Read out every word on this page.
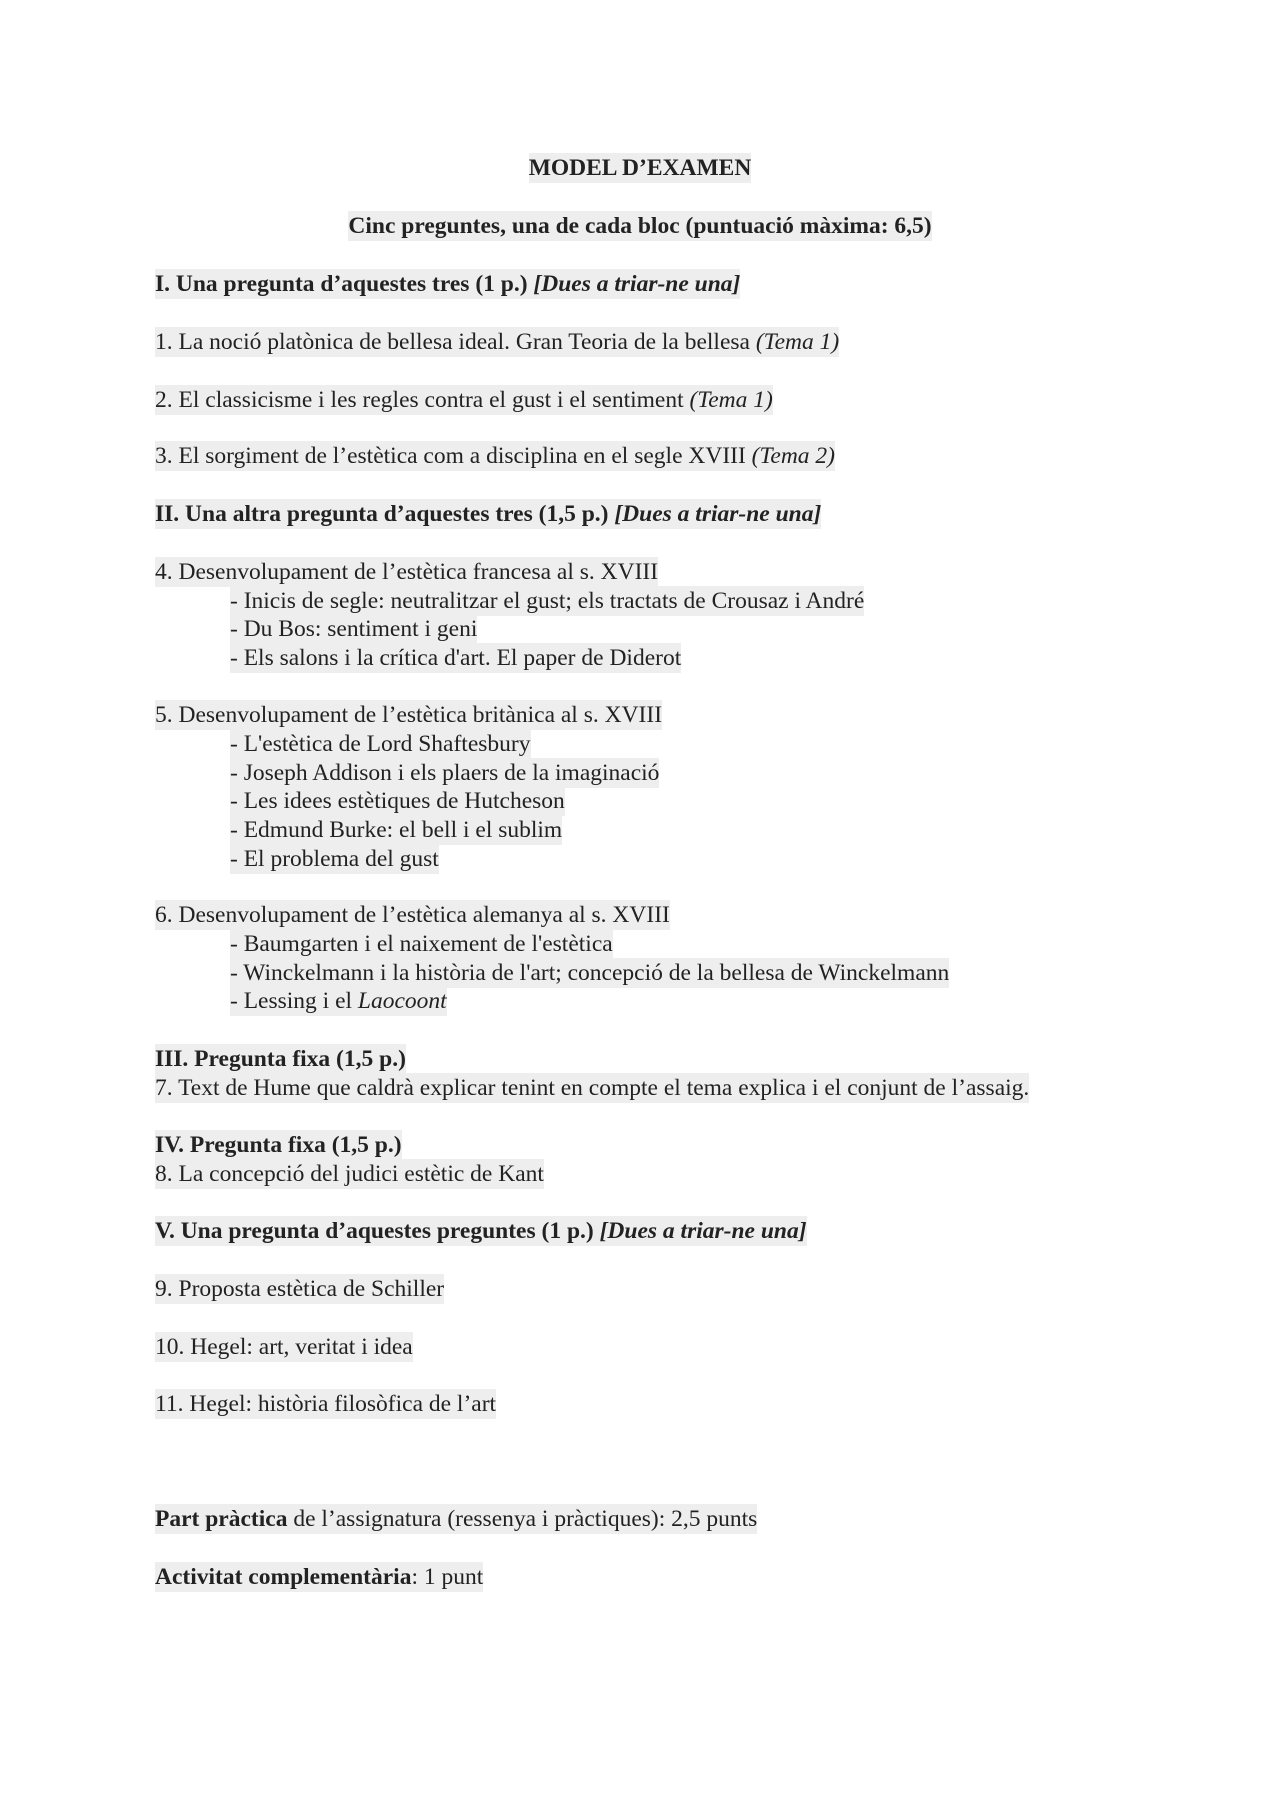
MODEL D’EXAMEN
Cinc preguntes, una de cada bloc (puntuació màxima: 6,5)
I. Una pregunta d’aquestes tres (1 p.) [Dues a triar-ne una]
1. La noció platònica de bellesa ideal. Gran Teoria de la bellesa (Tema 1)
2. El classicisme i les regles contra el gust i el sentiment (Tema 1)
3. El sorgiment de l’estètica com a disciplina en el segle XVIII (Tema 2)
II. Una altra pregunta d’aquestes tres (1,5 p.) [Dues a triar-ne una]
4. Desenvolupament de l’estètica francesa al s. XVIII
- Inicis de segle: neutralitzar el gust; els tractats de Crousaz i André
- Du Bos: sentiment i geni
- Els salons i la crítica d'art. El paper de Diderot
5. Desenvolupament de l’estètica britànica al s. XVIII
- L'estètica de Lord Shaftesbury
- Joseph Addison i els plaers de la imaginació
- Les idees estètiques de Hutcheson
- Edmund Burke: el bell i el sublim
- El problema del gust
6. Desenvolupament de l’estètica alemanya al s. XVIII
- Baumgarten i el naixement de l'estètica
- Winckelmann i la història de l'art; concepció de la bellesa de Winckelmann
- Lessing i el Laocoont
III. Pregunta fixa (1,5 p.)
7. Text de Hume que caldrà explicar tenint en compte el tema explica i el conjunt de l’assaig.
IV. Pregunta fixa (1,5 p.)
8. La concepció del judici estètic de Kant
V. Una pregunta d’aquestes preguntes (1 p.) [Dues a triar-ne una]
9. Proposta estètica de Schiller
10. Hegel: art, veritat i idea
11. Hegel: història filosòfica de l’art
Part pràctica de l’assignatura (ressenya i pràctiques): 2,5 punts
Activitat complementària: 1 punt
